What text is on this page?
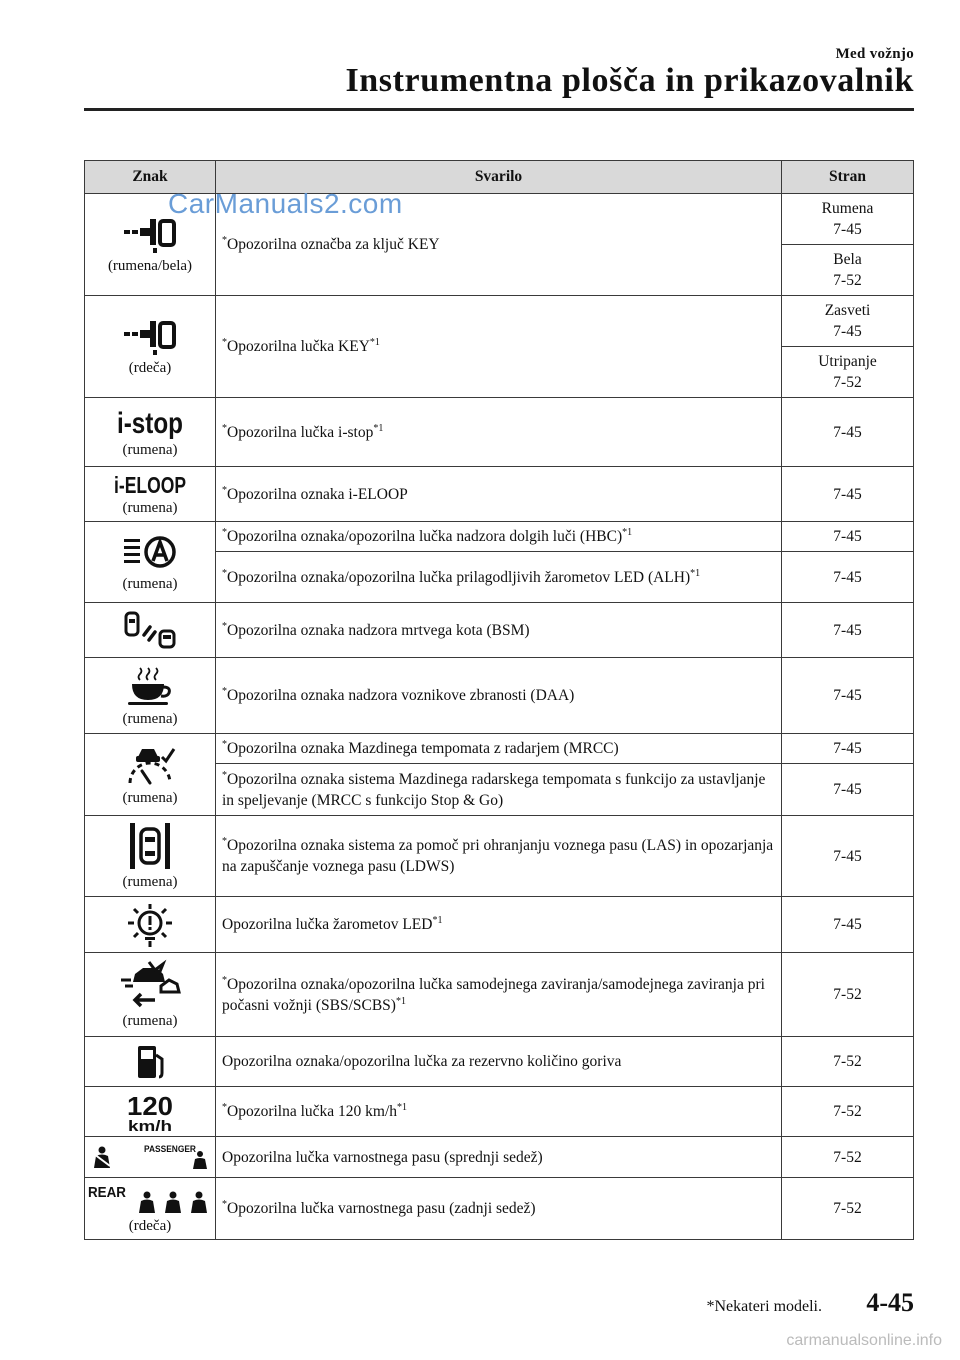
Med vožnjo
Instrumentna plošča in prikazovalnik
CarManuals2.com
Znak	Svarilo	Stran

(rumena/bela)	*Opozorilna označba za ključ KEY	Rumena
7-45
		Bela
7-52

(rdeča)	*Opozorilna lučka KEY$^{*1}$	Zasveti
7-45
		Utripanje
7-52

i-stop
(rumena)	*Opozorilna lučka i-stop$^{*1}$	7-45

i-ELOOP
(rumena)	*Opozorilna oznaka i-ELOOP	7-45

(rumena)	*Opozorilna oznaka/opozorilna lučka nadzora dolgih luči (HBC)$^{*1}$	7-45
	*Opozorilna oznaka/opozorilna lučka prilagodljivih žarometov LED (ALH)$^{*1}$	7-45

	*Opozorilna oznaka nadzora mrtvega kota (BSM)	7-45

(rumena)	*Opozorilna oznaka nadzora voznikove zbranosti (DAA)	7-45

(rumena)	*Opozorilna oznaka Mazdinega tempomata z radarjem (MRCC)	7-45
	*Opozorilna oznaka sistema Mazdinega radarskega tempomata s funkcijo za ustavljanje in speljevanje (MRCC s funkcijo Stop & Go)	7-45

(rumena)	*Opozorilna oznaka sistema za pomoč pri ohranjanju voznega pasu (LAS) in opozarjanja na zapuščanje voznega pasu (LDWS)	7-45

	Opozorilna lučka žarometov LED$^{*1}$	7-45

(rumena)	*Opozorilna oznaka/opozorilna lučka samodejnega zaviranja/samodejnega zaviranja pri počasni vožnji (SBS/SCBS)$^{*1}$	7-52

	Opozorilna oznaka/opozorilna lučka za rezervno količino goriva	7-52

120
km/h	*Opozorilna lučka 120 $km/h^{*1}$	7-52

PASSENGER	Opozorilna lučka varnostnega pasu (sprednji sedež)	7-52

REAR
(rdeča)	*Opozorilna lučka varnostnega pasu (zadnji sedež)	7-52
*Nekateri modeli. 4-45
carmanualsonline.info
